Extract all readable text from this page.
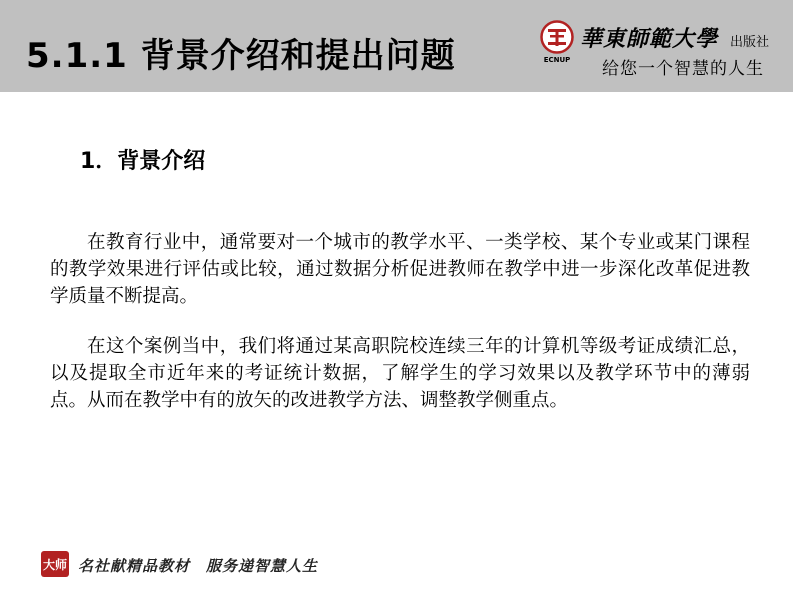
5.1.1 背景介绍和提出问题	ECNUP
華東師範大學 出版社
给您一个智慧的人生
1．背景介绍

在教育行业中，通常要对一个城市的教学水平、一类学校、某个专业或某门课程的教学效果进行评估或比较，通过数据分析促进教师在教学中进一步深化改革促进教学质量不断提高。

在这个案例当中，我们将通过某高职院校连续三年的计算机等级考证成绩汇总，以及提取全市近年来的考证统计数据，了解学生的学习效果以及教学环节中的薄弱点。从而在教学中有的放矢的改进教学方法、调整教学侧重点。

大师 名社献精品教材　服务递智慧人生
